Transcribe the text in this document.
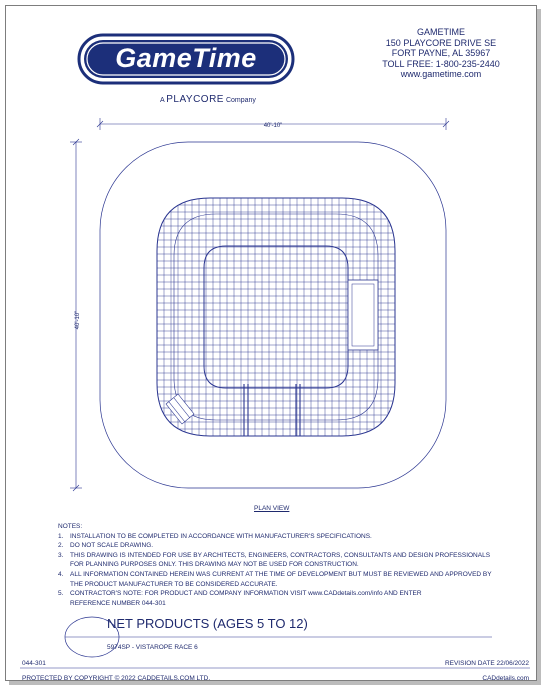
GameTime
A PLAYCORE Company
GAMETIME
150 PLAYCORE DRIVE SE
FORT PAYNE, AL 35967
TOLL FREE: 1-800-235-2440
www.gametime.com
40'-10"
40'-10"
PLAN VIEW
NOTES:
1.	INSTALLATION TO BE COMPLETED IN ACCORDANCE WITH MANUFACTURER'S SPECIFICATIONS.
2.	DO NOT SCALE DRAWING.
3.	THIS DRAWING IS INTENDED FOR USE BY ARCHITECTS, ENGINEERS, CONTRACTORS, CONSULTANTS AND DESIGN PROFESSIONALS
FOR PLANNING PURPOSES ONLY. THIS DRAWING MAY NOT BE USED FOR CONSTRUCTION.
4.	ALL INFORMATION CONTAINED HEREIN WAS CURRENT AT THE TIME OF DEVELOPMENT BUT MUST BE REVIEWED AND APPROVED BY
THE PRODUCT MANUFACTURER TO BE CONSIDERED ACCURATE.
5.	CONTRACTOR'S NOTE: FOR PRODUCT AND COMPANY INFORMATION VISIT www.CADdetails.com/info AND ENTER
REFERENCE NUMBER 044-301
NET PRODUCTS (AGES 5 TO 12)
5974SP - VISTAROPE RACE 6
044-301	REVISION DATE 22/06/2022
PROTECTED BY COPYRIGHT © 2022 CADDETAILS.COM LTD.	CADdetails.com
